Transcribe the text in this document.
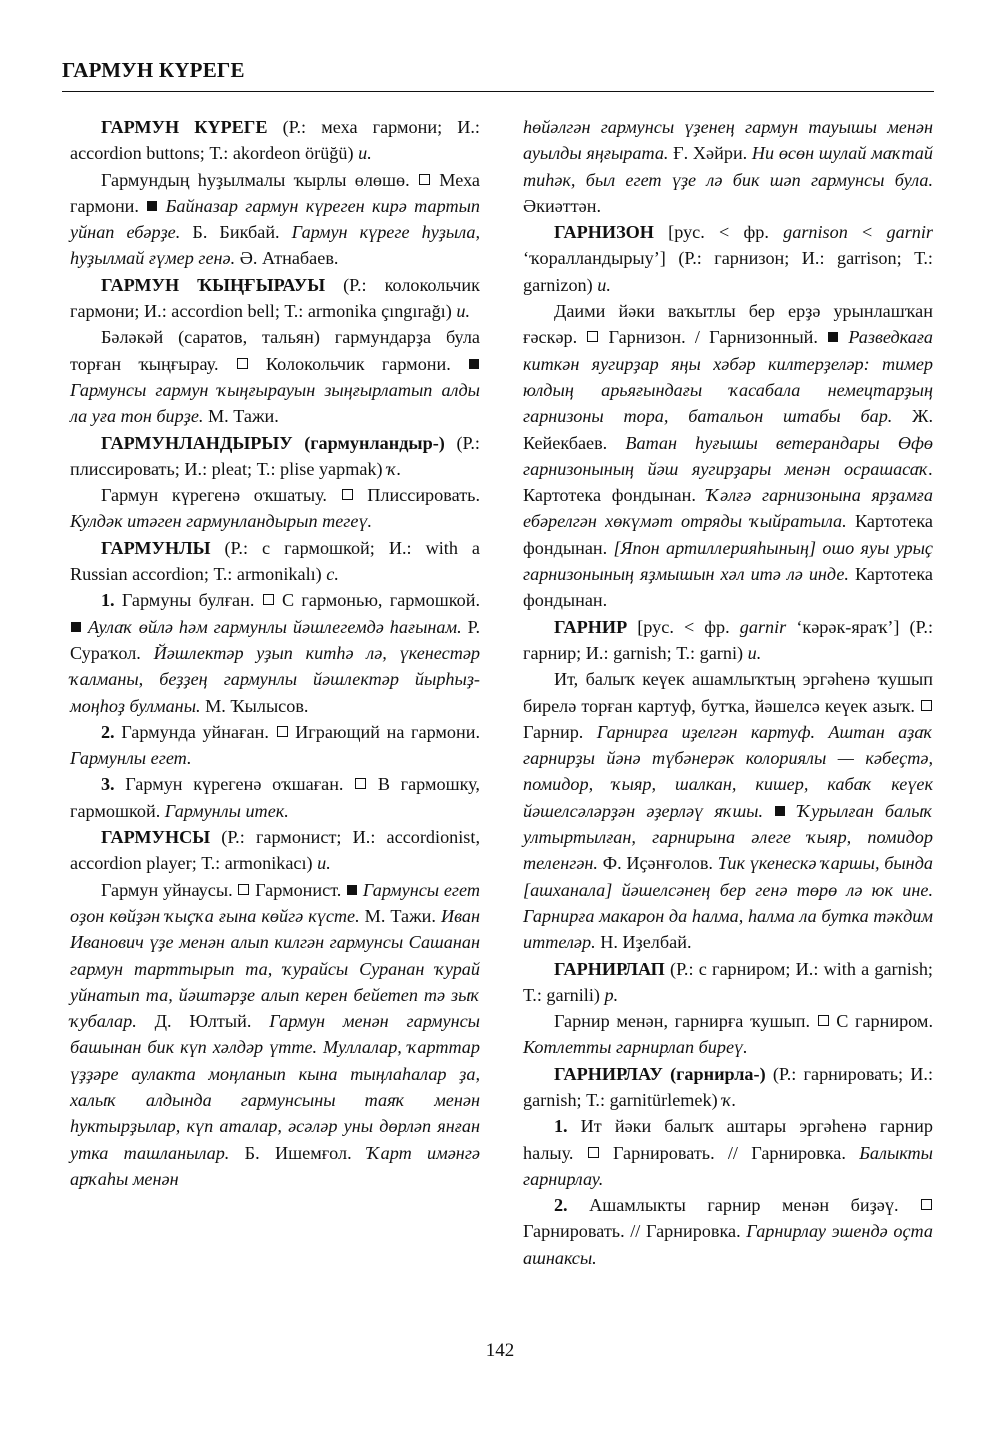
ГАРМУН КҮРЕГЕ

ГАРМУН КҮРЕГЕ (Р.: меха гармони; И.: accordion buttons; Т.: akordeon örüğü) и.

Гармундың һуҙылмалы ҡырлы өлөшө.  Меха гармони.  Байназар гармун күреген кирә тартып уйнап ебәрҙе. Б. Бикбай. Гармун күреге һуҙыла, һуҙылмай ғүмер генә. Ә. Атнабаев.

ГАРМУН ҠЫҢҒЫРАУЫ (Р.: колокольчик гармони; И.: accordion bell; Т.: armonika çıngırağı) и.

Бәләкәй (саратов, тальян) гармундарҙа була торған ҡыңғырау.  Колокольчик гармони.  Гармунсы гармун ҡыңғырауын зыңғырлатып алды ла уға тон бирҙе. М. Тажи.

ГАРМУНЛАНДЫРЫУ (гармунландыр-) (Р.: плиссировать; И.: pleat; Т.: plise yapmak) ҡ.

Гармун күрегенә оҡшатыу.  Плиссировать. Кулдәк итәген гармунландырып тегеү.

ГАРМУНЛЫ (Р.: с гармошкой; И.: with a Russian accordion; Т.: armonikalı) с.

1. Гармуны булған.  С гармонью, гармошкой.  Аулаҡ өйлә һәм гармунлы йәшлегемдә һағынам. Р. Сураҡол. Йәшлектәр уҙып китһә лә, үкенестәр ҡалманы, беҙҙең гармунлы йәшлектәр йырһыҙ-моңһоҙ булманы. М. Ҡылысов.

2. Гармунда уйнаған.  Играющий на гармони. Гармунлы егет.

3. Гармун күрегенә оҡшаған.  В гармошку, гармошкой. Гармунлы итек.

ГАРМУНСЫ (Р.: гармонист; И.: accordionist, accordion player; Т.: armonikacı) и.

Гармун уйнаусы.  Гармонист.  Гармунсы егет оҙон көйҙән ҡыҫҡа ғына көйгә күсте. М. Тажи. Иван Иванович үҙе менән алып килгән гармунсы Сашанан гармун тарттырып та, ҡурайсы Суранан ҡурай уйнатып та, йәштәрҙе алып керен бейетеп тә зыҡ ҡубалар. Д. Юлтый. Гармун менән гармунсы башынан бик күп хәлдәр үтте. Муллалар, ҡарттар үҙҙәре аулакта моңланып кына тыңлаһалар ҙа, халыҡ алдында гармунсыны таяҡ менән һуктырҙылар, күп аталар, әсәләр уны дөрләп янған утка ташланылар. Б. Ишемғол. Ҡарт имәнгә арҡаһы менән

һөйәлгән гармунсы үҙенең гармун тауышы менән ауылды яңғырата. Ғ. Хәйри. Ни өсөн шулай маҡтай тиһәк, был егет үҙе лә бик шәп гармунсы була. Әкиәттән.

ГАРНИЗОН [рус. < фр. garnison < garnir ‘ҡоралландырыу’] (Р.: гарнизон; И.: garrison; Т.: garnizon) и.

Даими йәки ваҡытлы бер ерҙә урынлашҡан ғәскәр.  Гарнизон. / Гарнизонный.  Разведкаға киткән яугирҙар яңы хәбәр килтерҙеләр: тимер юлдың арьяғындағы ҡасабала немецтарҙың гарнизоны тора, батальон штабы бар. Ж. Кейекбаев. Ватан һуғышы ветерандары Өфө гарнизонының йәш яугирҙары менән осрашасаҡ. Картотека фондынан. Ҡәлғә гарнизонына ярҙамға ебәрелгән хөкүмәт отряды ҡыйратыла. Картотека фондынан. [Япон артиллерияһының] ошо яуы урыҫ гарнизонының яҙмышын хәл итә лә инде. Картотека фондынан.

ГАРНИР [рус. < фр. garnir ‘кәрәк-яраҡ’] (Р.: гарнир; И.: garnish; Т.: garni) и.

Ит, балыҡ кеүек ашамлыҡтың эргәһенә ҡушып бирелә торған картуф, бутҡа, йәшелсә кеүек азыҡ.  Гарнир. Гарнирға иҙелгән картуф. Аштан аҙаҡ гарнирҙы йәнә түбәнерәк колориялы — кәбеҫтә, помидор, ҡыяр, шалкан, кишер, кабаҡ кеүек йәшелсәләрҙән әҙерләү яҡшы. Ҡурылған балыҡ ултыртылған, гарнирына әлеге ҡыяр, помидор теленгән. Ф. Иҫәнғолов. Тик үкенескә ҡаршы, бында [ашханала] йәшелсәнең бер генә төрө лә юк ине. Гарнирға макарон да һалма, һалма ла бутка тәкдим иттеләр. Н. Иҙелбай.

ГАРНИРЛАП (Р.: с гарниром; И.: with a garnish; Т.: garnili) р.

Гарнир менән, гарнирға ҡушып.  С гарниром. Котлетты гарнирлап биреү.

ГАРНИРЛАУ (гарнирла-) (Р.: гарнировать; И.: garnish; Т.: garnitürlemek) ҡ.

1. Ит йәки балыҡ аштары эргәһенә гарнир һалыу.  Гарнировать. // Гарнировка. Балыкты гарнирлау.

2. Ашамлыкты гарнир менән биҙәү.  Гарнировать. // Гарнировка. Гарнирлау эшендә оҫта ашнаксы.

142
